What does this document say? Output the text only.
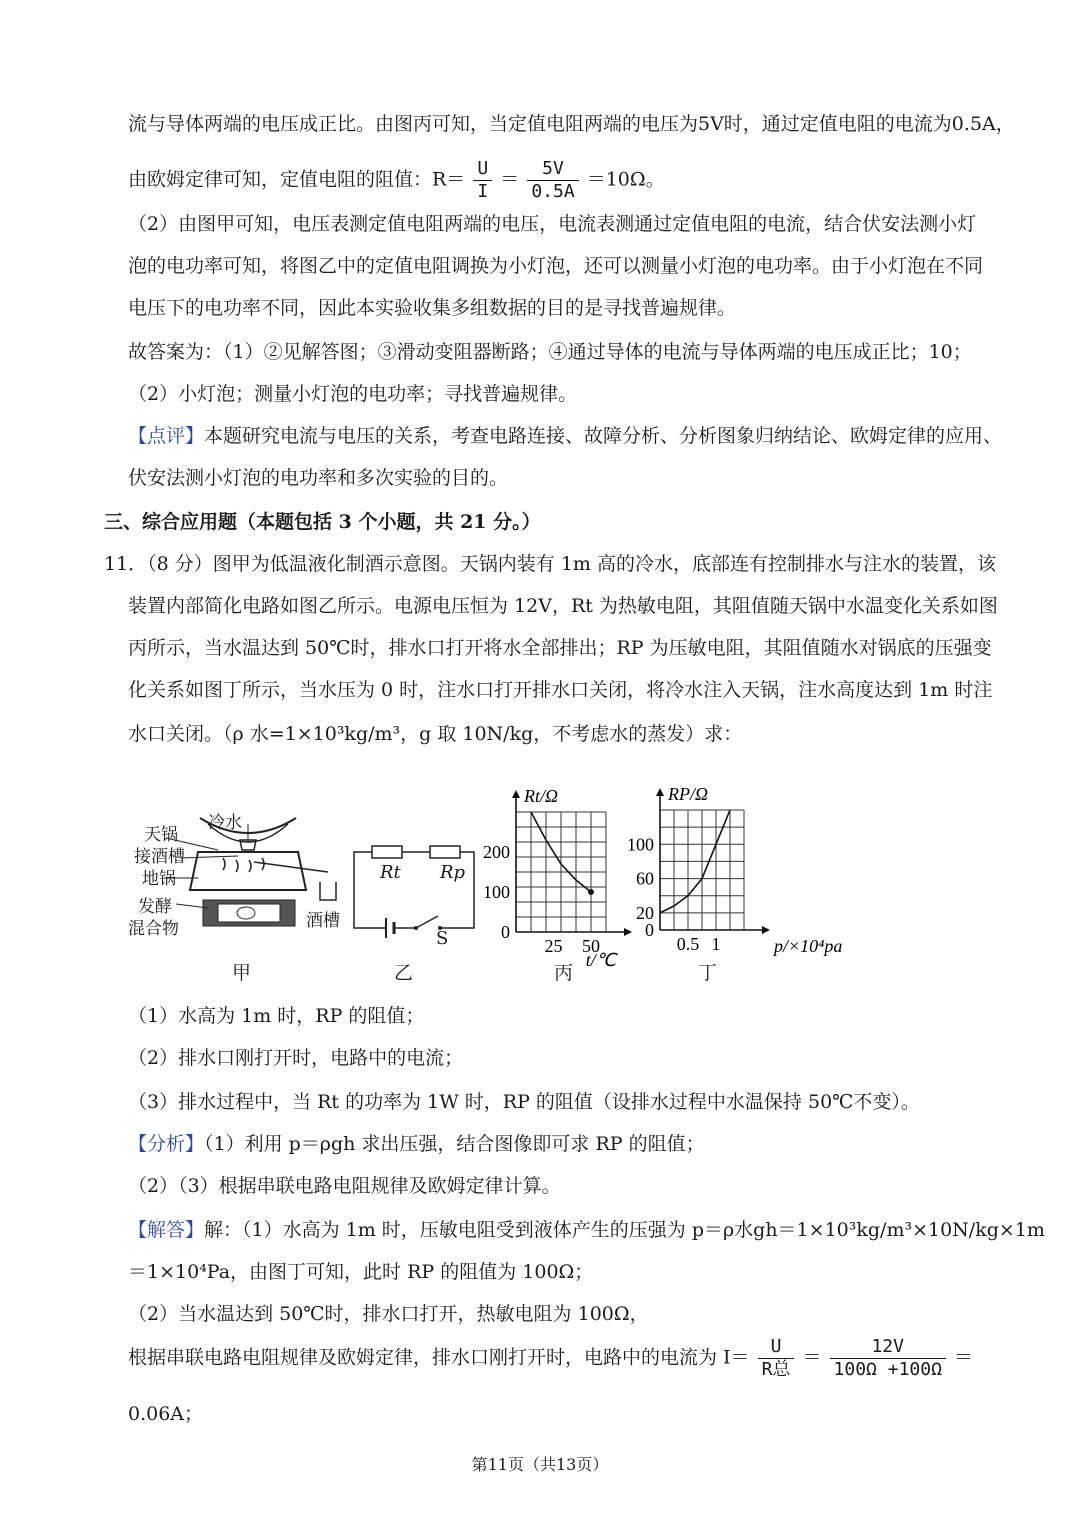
流与导体两端的电压成正比。由图丙可知，当定值电阻两端的电压为5V时，通过定值电阻的电流为0.5A，
由欧姆定律可知，定值电阻的阻值：$R= \frac{U}{I} = \frac{5V}{0.5A} =10\Omega$。
（2）由图甲可知，电压表测定值电阻两端的电压，电流表测通过定值电阻的电流，结合伏安法测小灯
泡的电功率可知，将图乙中的定值电阻调换为小灯泡，还可以测量小灯泡的电功率。由于小灯泡在不同
电压下的电功率不同，因此本实验收集多组数据的目的是寻找普遍规律。
故答案为：（1）②见解答图；③滑动变阻器断路；④通过导体的电流与导体两端的电压成正比；10；
（2）小灯泡；测量小灯泡的电功率；寻找普遍规律。
【点评】本题研究电流与电压的关系，考查电路连接、故障分析、分析图象归纳结论、欧姆定律的应用、
伏安法测小灯泡的电功率和多次实验的目的。
三、综合应用题（本题包括 3 个小题，共 21 分。）
11．（8 分）图甲为低温液化制酒示意图。天锅内装有 1m 高的冷水，底部连有控制排水与注水的装置，该
装置内部简化电路如图乙所示。电源电压恒为 12V，Rt 为热敏电阻，其阻值随天锅中水温变化关系如图
丙所示，当水温达到 50℃时，排水口打开将水全部排出；RP 为压敏电阻，其阻值随水对锅底的压强变
化关系如图丁所示，当水压为 0 时，注水口打开排水口关闭，将冷水注入天锅，注水高度达到 1m 时注
水口关闭。（ρ 水=1×10³kg/m³，g 取 10N/kg，不考虑水的蒸发）求：
冷水
天锅
接酒槽
地锅
发酵
混合物	酒槽
甲
Rt Rp
S
乙
200
100
0
25 50
Rt/Ω
t/℃
丙
100
60
20
0
0.5 1
RP/Ω
p/×10⁴pa
丁
（1）水高为 1m 时，RP 的阻值；
（2）排水口刚打开时，电路中的电流；
（3）排水过程中，当 Rt 的功率为 1W 时，RP 的阻值（设排水过程中水温保持 50℃不变）。
【分析】（1）利用 p＝ρgh 求出压强，结合图像即可求 RP 的阻值；
（2）（3）根据串联电路电阻规律及欧姆定律计算。
【解答】解：（1）水高为 1m 时，压敏电阻受到液体产生的压强为 p＝ρ水gh＝1×10³kg/m³×10N/kg×1m
＝1×10⁴Pa，由图丁可知，此时 RP 的阻值为 100Ω；
（2）当水温达到 50℃时，排水口打开，热敏电阻为 100Ω，
根据串联电路电阻规律及欧姆定律，排水口刚打开时，电路中的电流为 $I= \frac{U}{\text{R总}} = \frac{12V}{100\Omega +100\Omega}$ ＝
0.06A；
第11页（共13页）
